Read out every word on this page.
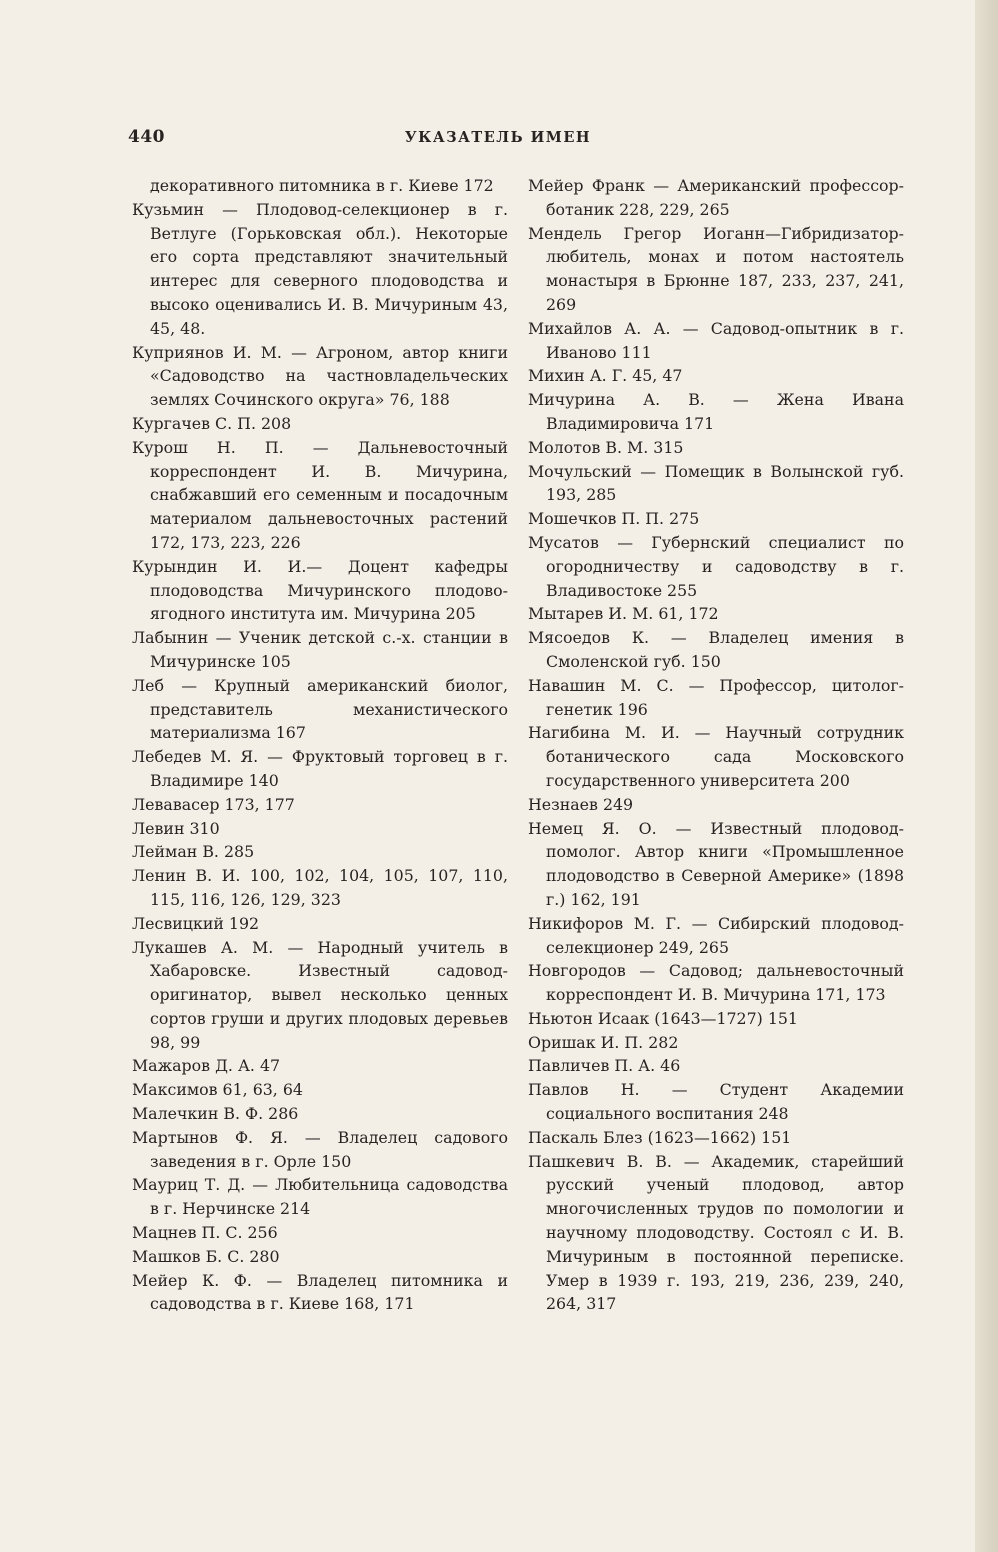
440	УКАЗАТЕЛЬ ИМЕН

декоративного питомника в г. Киеве 172

Кузьмин — Плодовод-селекционер в г. Ветлуге (Горьковская обл.). Некоторые его сорта представляют значительный интерес для северного плодоводства и высоко оценивались И. В. Мичуриным 43, 45, 48.

Куприянов И. М. — Агроном, автор книги «Садоводство на частновладельческих землях Сочинского округа» 76, 188

Кургачев С. П. 208

Курош Н. П. — Дальневосточный корреспондент И. В. Мичурина, снабжавший его семенным и посадочным материалом дальневосточных растений 172, 173, 223, 226

Курындин И. И.— Доцент кафедры плодоводства Мичуринского плодово-ягодного института им. Мичурина 205

Лабынин — Ученик детской с.-х. станции в Мичуринске 105

Леб — Крупный американский биолог, представитель механистического материализма 167

Лебедев М. Я. — Фруктовый торговец в г. Владимире 140

Левавасер 173, 177

Левин 310

Лейман В. 285

Ленин В. И. 100, 102, 104, 105, 107, 110, 115, 116, 126, 129, 323

Лесвицкий 192

Лукашев А. М. — Народный учитель в Хабаровске. Известный садовод-оригинатор, вывел несколько ценных сортов груши и других плодовых деревьев 98, 99

Мажаров Д. А. 47

Максимов 61, 63, 64

Малечкин В. Ф. 286

Мартынов Ф. Я. — Владелец садового заведения в г. Орле 150

Мауриц Т. Д. — Любительница садоводства в г. Нерчинске 214

Мацнев П. С. 256

Машков Б. С. 280

Мейер К. Ф. — Владелец питомника и садоводства в г. Киеве 168, 171

Мейер Франк — Американский профессор-ботаник 228, 229, 265

Мендель Грегор Иоганн—Гибридизатор-любитель, монах и потом настоятель монастыря в Брюнне 187, 233, 237, 241, 269

Михайлов А. А. — Садовод-опытник в г. Иваново 111

Михин А. Г. 45, 47

Мичурина А. В. — Жена Ивана Владимировича 171

Молотов В. М. 315

Мочульский — Помещик в Волынской губ. 193, 285

Мошечков П. П. 275

Мусатов — Губернский специалист по огородничеству и садоводству в г. Владивостоке 255

Мытарев И. М. 61, 172

Мясоедов К. — Владелец имения в Смоленской губ. 150

Навашин М. С. — Профессор, цитолог-генетик 196

Нагибина М. И. — Научный сотрудник ботанического сада Московского государственного университета 200

Незнаев 249

Немец Я. О. — Известный плодовод-помолог. Автор книги «Промышленное плодоводство в Северной Америке» (1898 г.) 162, 191

Никифоров М. Г. — Сибирский плодовод-селекционер 249, 265

Новгородов — Садовод; дальневосточный корреспондент И. В. Мичурина 171, 173

Ньютон Исаак (1643—1727) 151

Оришак И. П. 282

Павличев П. А. 46

Павлов Н. — Студент Академии социального воспитания 248

Паскаль Блез (1623—1662) 151

Пашкевич В. В. — Академик, старейший русский ученый плодовод, автор многочисленных трудов по помологии и научному плодоводству. Состоял с И. В. Мичуриным в постоянной переписке. Умер в 1939 г. 193, 219, 236, 239, 240, 264, 317
